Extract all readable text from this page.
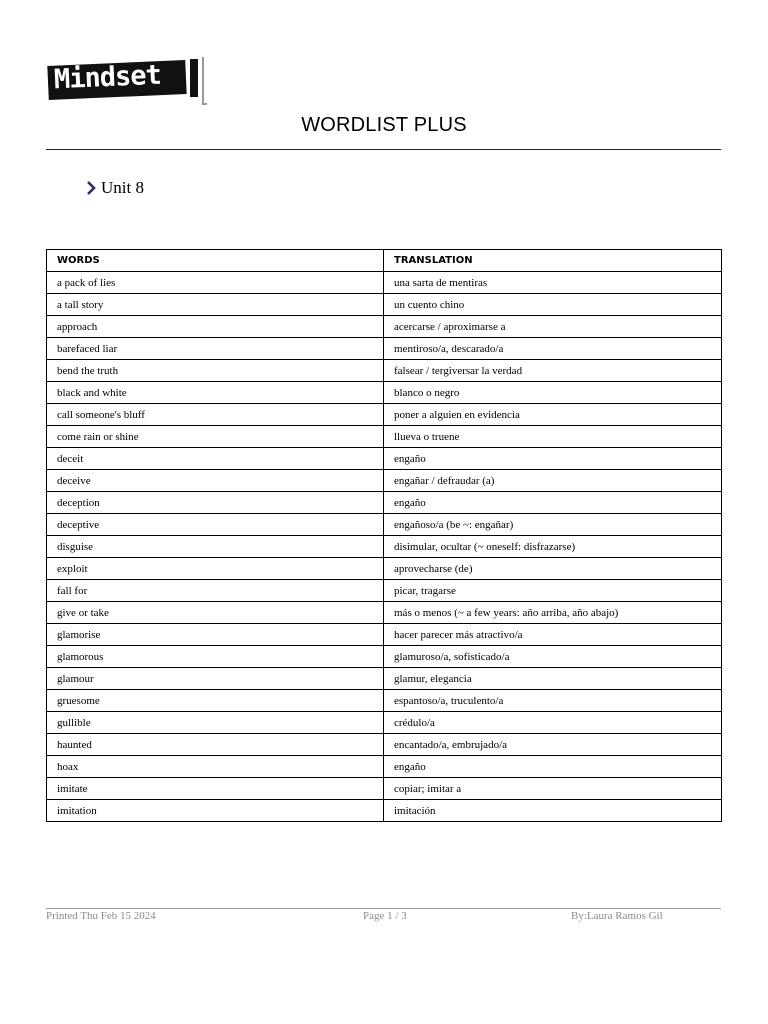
Mindset
WORDLIST PLUS
Unit 8
WORDS	TRANSLATION
a pack of lies	una sarta de mentiras
a tall story	un cuento chino
approach	acercarse / aproximarse a
barefaced liar	mentiroso/a, descarado/a
bend the truth	falsear / tergiversar la verdad
black and white	blanco o negro
call someone's bluff	poner a alguien en evidencia
come rain or shine	llueva o truene
deceit	engaño
deceive	engañar / defraudar (a)
deception	engaño
deceptive	engañoso/a (be ~: engañar)
disguise	disimular, ocultar (~ oneself: disfrazarse)
exploit	aprovecharse (de)
fall for	picar, tragarse
give or take	más o menos (~ a few years: año arriba, año abajo)
glamorise	hacer parecer más atractivo/a
glamorous	glamuroso/a, sofisticado/a
glamour	glamur, elegancia
gruesome	espantoso/a, truculento/a
gullible	crédulo/a
haunted	encantado/a, embrujado/a
hoax	engaño
imitate	copiar; imitar a
imitation	imitación
Printed Thu Feb 15 2024	Page 1 / 3	By:Laura Ramos Gil
